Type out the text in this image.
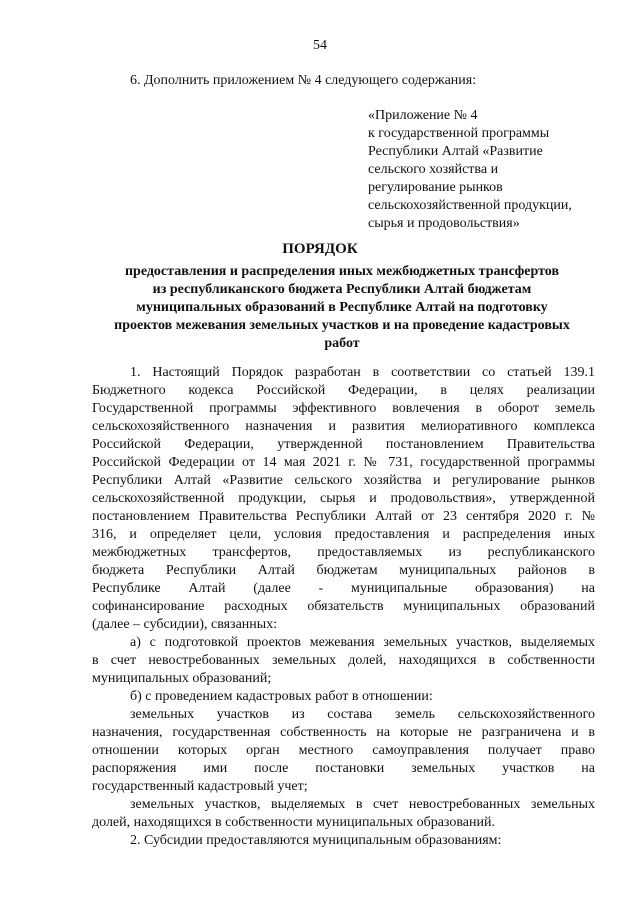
54
6. Дополнить приложением № 4 следующего содержания:
«Приложение № 4
к государственной программы
Республики Алтай «Развитие
сельского хозяйства и
регулирование рынков
сельскохозяйственной продукции,
сырья и продовольствия»
ПОРЯДОК
предоставления и распределения иных межбюджетных трансфертов
из республиканского бюджета Республики Алтай бюджетам
муниципальных образований в Республике Алтай на подготовку
проектов межевания земельных участков и на проведение кадастровых
работ
1. Настоящий Порядок разработан в соответствии со статьей 139.1
Бюджетного кодекса Российской Федерации, в целях реализации
Государственной программы эффективного вовлечения в оборот земель
сельскохозяйственного назначения и развития мелиоративного комплекса
Российской Федерации, утвержденной постановлением Правительства
Российской Федерации от 14 мая 2021 г. № 731, государственной программы
Республики Алтай «Развитие сельского хозяйства и регулирование рынков
сельскохозяйственной продукции, сырья и продовольствия», утвержденной
постановлением Правительства Республики Алтай от 23 сентября 2020 г. №
316, и определяет цели, условия предоставления и распределения иных
межбюджетных трансфертов, предоставляемых из республиканского
бюджета Республики Алтай бюджетам муниципальных районов в
Республике Алтай (далее - муниципальные образования) на
софинансирование расходных обязательств муниципальных образований
(далее – субсидии), связанных:
а) с подготовкой проектов межевания земельных участков, выделяемых
в счет невостребованных земельных долей, находящихся в собственности
муниципальных образований;
б) с проведением кадастровых работ в отношении:
земельных участков из состава земель сельскохозяйственного
назначения, государственная собственность на которые не разграничена и в
отношении которых орган местного самоуправления получает право
распоряжения ими после постановки земельных участков на
государственный кадастровый учет;
земельных участков, выделяемых в счет невостребованных земельных
долей, находящихся в собственности муниципальных образований.
2. Субсидии предоставляются муниципальным образованиям:
